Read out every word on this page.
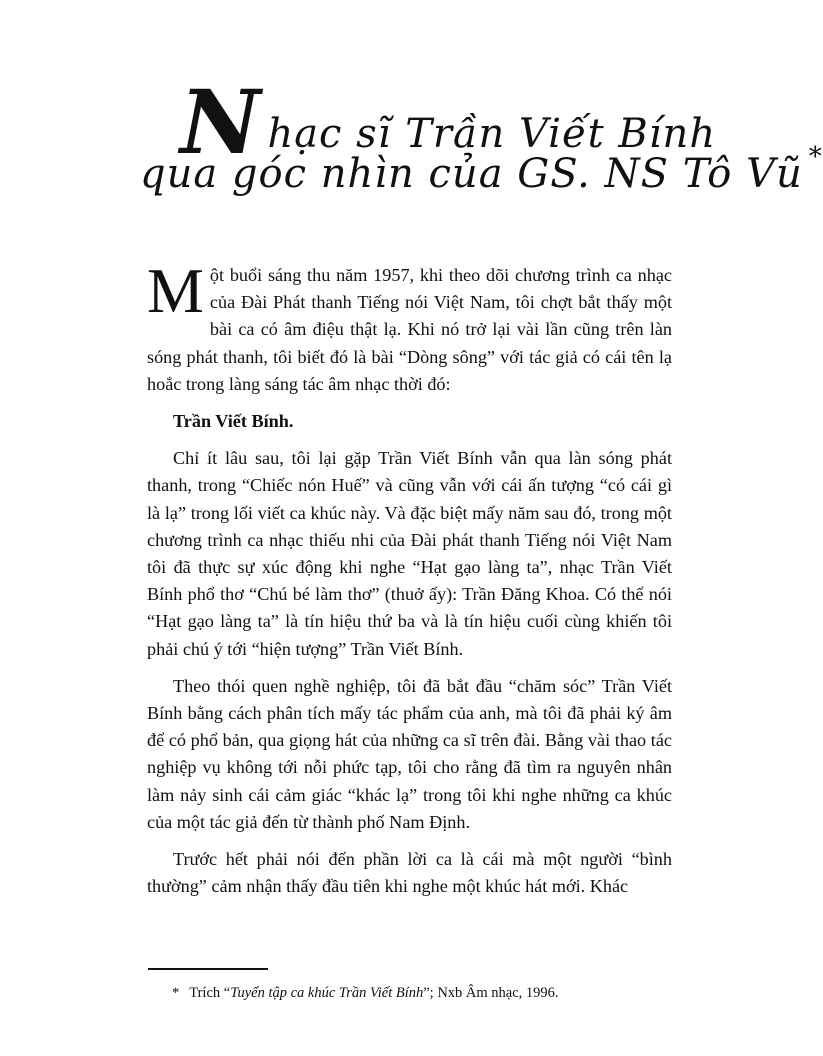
Nhạc sĩ Trần Viết Bính
qua góc nhìn của GS. NS Tô Vũ *

Một buổi sáng thu năm 1957, khi theo dõi chương trình ca nhạc của Đài Phát thanh Tiếng nói Việt Nam, tôi chợt bắt thấy một bài ca có âm điệu thật lạ. Khi nó trở lại vài lần cũng trên làn sóng phát thanh, tôi biết đó là bài “Dòng sông” với tác giả có cái tên lạ hoắc trong làng sáng tác âm nhạc thời đó:

Trần Viết Bính.

Chỉ ít lâu sau, tôi lại gặp Trần Viết Bính vẫn qua làn sóng phát thanh, trong “Chiếc nón Huế” và cũng vẫn với cái ấn tượng “có cái gì là lạ” trong lối viết ca khúc này. Và đặc biệt mấy năm sau đó, trong một chương trình ca nhạc thiếu nhi của Đài phát thanh Tiếng nói Việt Nam tôi đã thực sự xúc động khi nghe “Hạt gạo làng ta”, nhạc Trần Viết Bính phổ thơ “Chú bé làm thơ” (thuở ấy): Trần Đăng Khoa. Có thể nói “Hạt gạo làng ta” là tín hiệu thứ ba và là tín hiệu cuối cùng khiến tôi phải chú ý tới “hiện tượng” Trần Viết Bính.

Theo thói quen nghề nghiệp, tôi đã bắt đầu “chăm sóc” Trần Viết Bính bằng cách phân tích mấy tác phẩm của anh, mà tôi đã phải ký âm để có phổ bản, qua giọng hát của những ca sĩ trên đài. Bằng vài thao tác nghiệp vụ không tới nỗi phức tạp, tôi cho rằng đã tìm ra nguyên nhân làm nảy sinh cái cảm giác “khác lạ” trong tôi khi nghe những ca khúc của một tác giả đến từ thành phố Nam Định.

Trước hết phải nói đến phần lời ca là cái mà một người “bình thường” cảm nhận thấy đầu tiên khi nghe một khúc hát mới. Khác

* Trích “Tuyển tập ca khúc Trần Viết Bính”; Nxb Âm nhạc, 1996.
